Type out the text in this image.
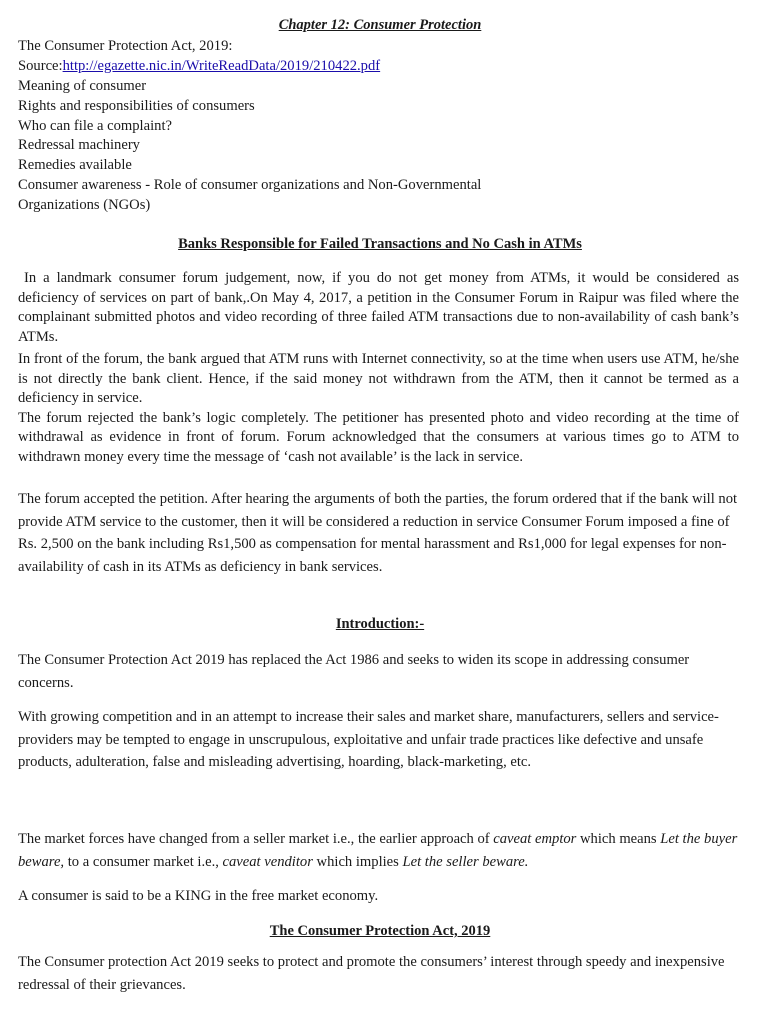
Chapter 12: Consumer Protection
The Consumer Protection Act, 2019:
Source:http://egazette.nic.in/WriteReadData/2019/210422.pdf
Meaning of consumer
Rights and responsibilities of consumers
Who can file a complaint?
Redressal machinery
Remedies available
Consumer awareness - Role of consumer organizations and Non-Governmental
Organizations (NGOs)
Banks Responsible for Failed Transactions and No Cash in ATMs

In a landmark consumer forum judgement, now, if you do not get money from ATMs, it would be considered as deficiency of services on part of bank,.On May 4, 2017, a petition in the Consumer Forum in Raipur was filed where the complainant submitted photos and video recording of three failed ATM transactions due to non-availability of cash bank’s ATMs.

In front of the forum, the bank argued that ATM runs with Internet connectivity, so at the time when users use ATM, he/she is not directly the bank client. Hence, if the said money not withdrawn from the ATM, then it cannot be termed as a deficiency in service.

The forum rejected the bank’s logic completely. The petitioner has presented photo and video recording at the time of withdrawal as evidence in front of forum. Forum acknowledged that the consumers at various times go to ATM to withdrawn money every time the message of ‘cash not available’ is the lack in service.

The forum accepted the petition. After hearing the arguments of both the parties, the forum ordered that if the bank will not provide ATM service to the customer, then it will be considered a reduction in service Consumer Forum imposed a fine of Rs. 2,500 on the bank including Rs1,500 as compensation for mental harassment and Rs1,000 for legal expenses for non-availability of cash in its ATMs as deficiency in bank services.
Introduction:-
The Consumer Protection Act 2019 has replaced the Act 1986 and seeks to widen its scope in addressing consumer concerns.
With growing competition and in an attempt to increase their sales and market share, manufacturers, sellers and service-providers may be tempted to engage in unscrupulous, exploitative and unfair trade practices like defective and unsafe products, adulteration, false and misleading advertising, hoarding, black-marketing, etc.
The market forces have changed from a seller market i.e., the earlier approach of caveat emptor which means Let the buyer beware, to a consumer market i.e., caveat venditor which implies Let the seller beware.
A consumer is said to be a KING in the free market economy.
The Consumer Protection Act, 2019
The Consumer protection Act 2019 seeks to protect and promote the consumers’ interest through speedy and inexpensive redressal of their grievances.
